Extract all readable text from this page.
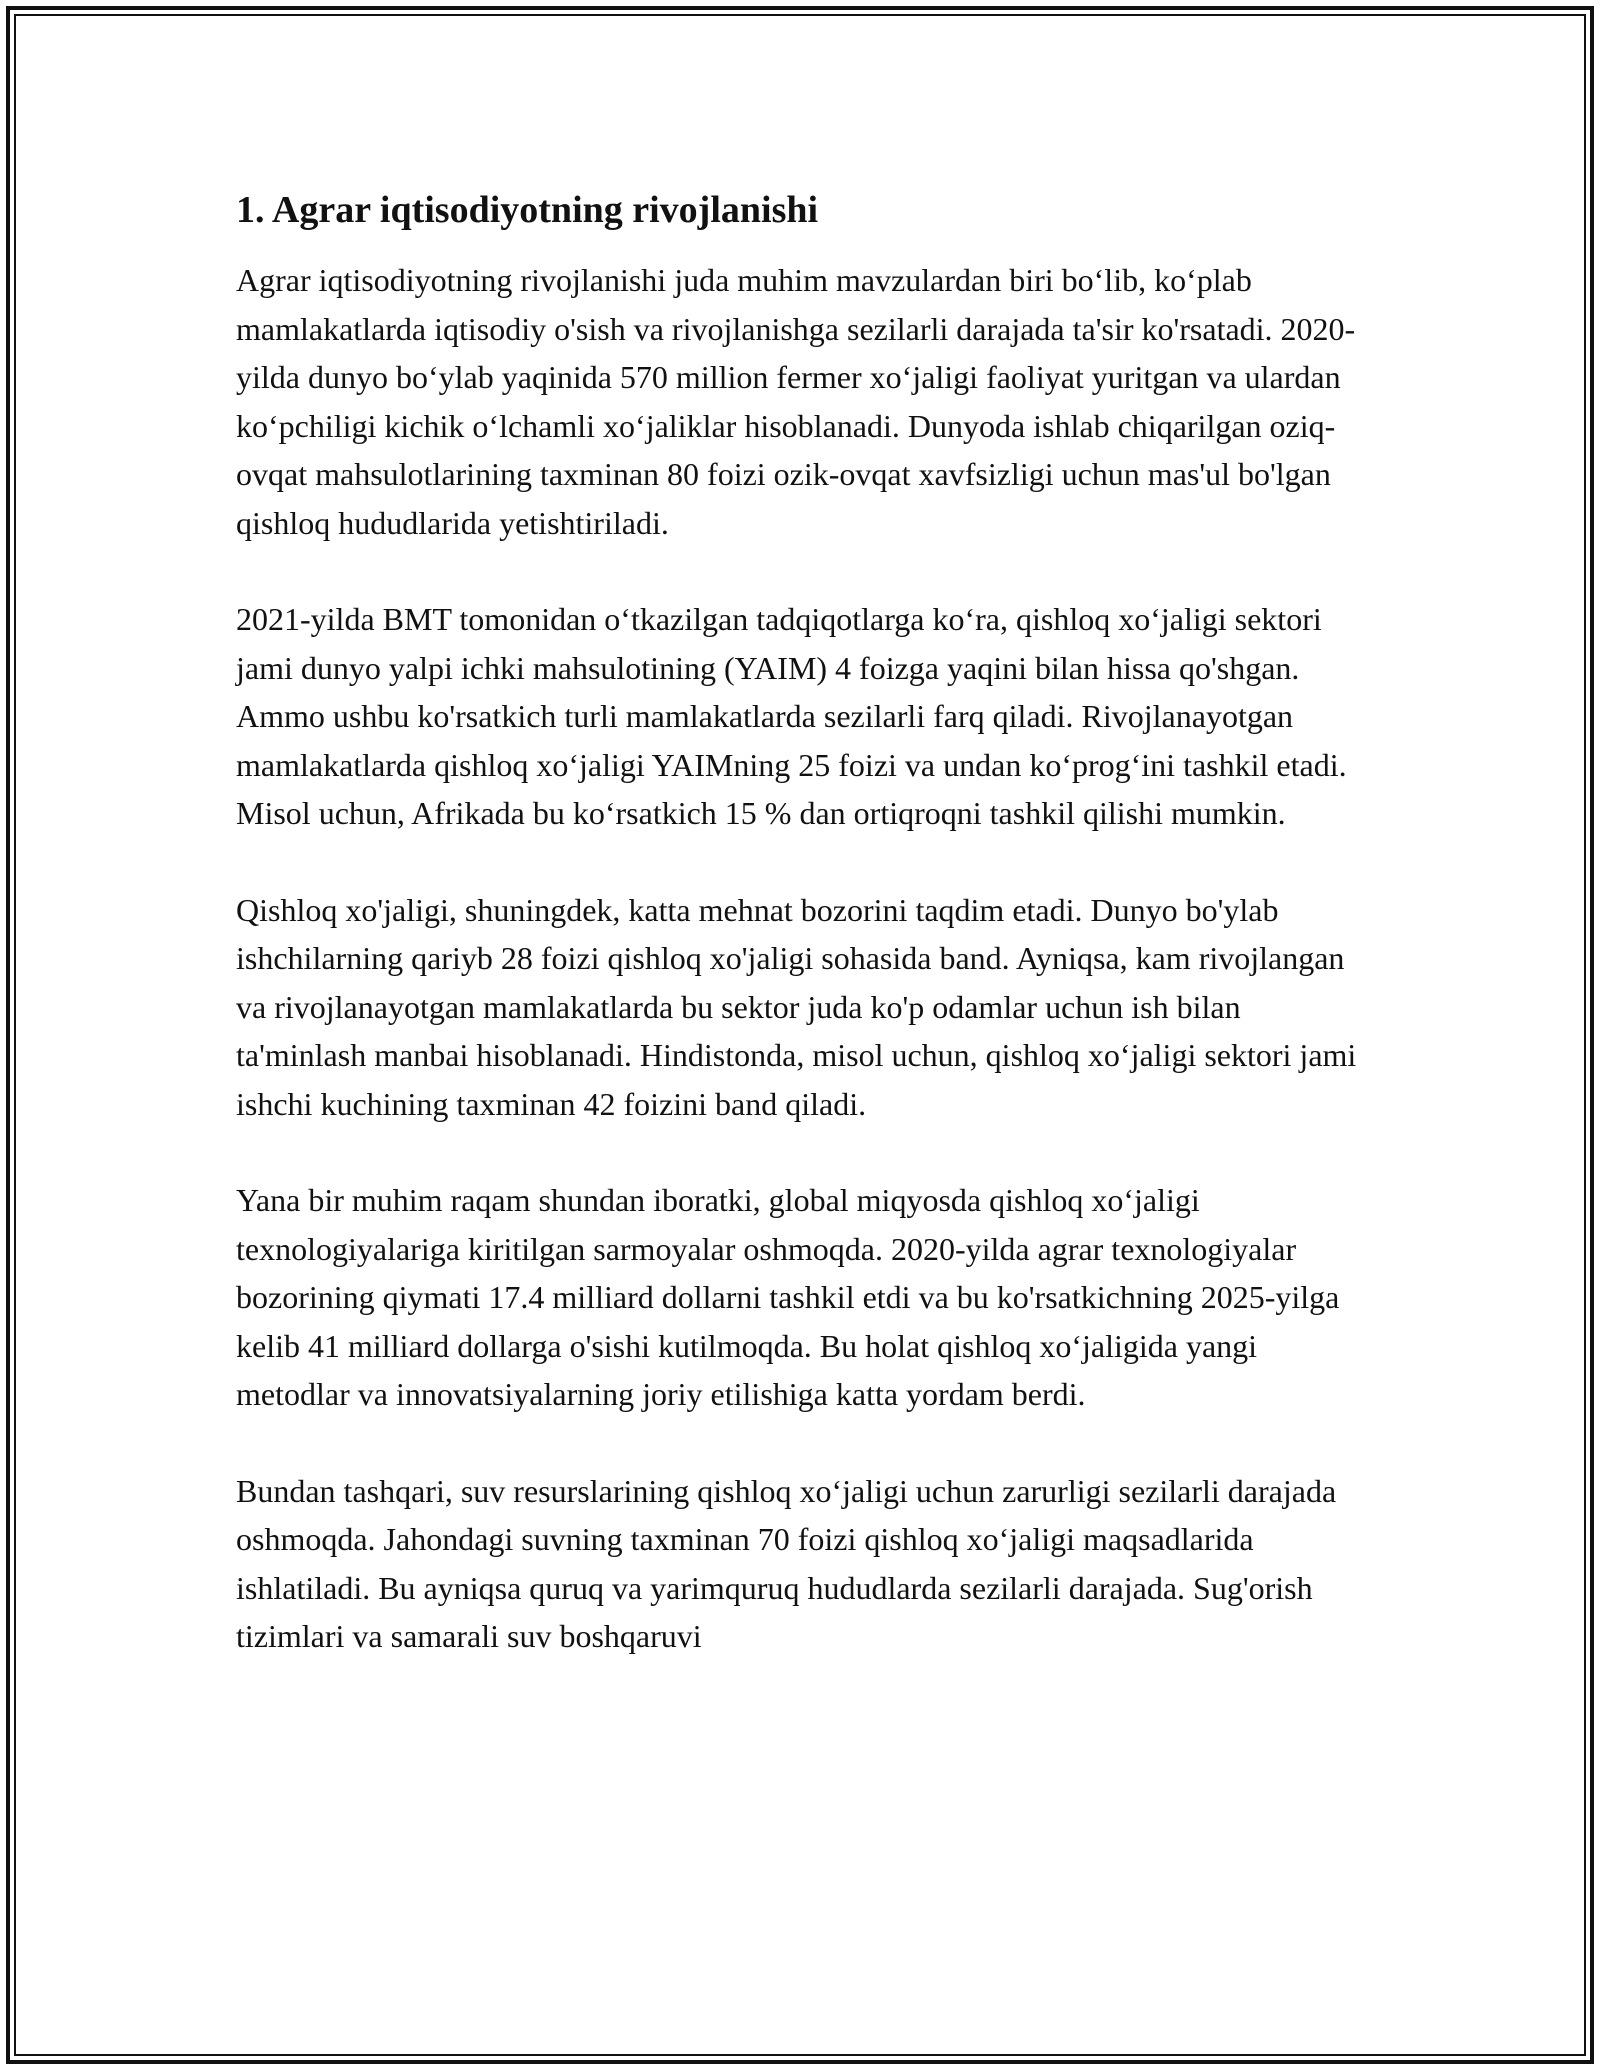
1. Agrar iqtisodiyotning rivojlanishi

Agrar iqtisodiyotning rivojlanishi juda muhim mavzulardan biri bo‘lib, ko‘plab mamlakatlarda iqtisodiy o'sish va rivojlanishga sezilarli darajada ta'sir ko'rsatadi. 2020-yilda dunyo bo‘ylab yaqinida 570 million fermer xo‘jaligi faoliyat yuritgan va ulardan ko‘pchiligi kichik o‘lchamli xo‘jaliklar hisoblanadi. Dunyoda ishlab chiqarilgan oziq-ovqat mahsulotlarining taxminan 80 foizi ozik-ovqat xavfsizligi uchun mas'ul bo'lgan qishloq hududlarida yetishtiriladi.

2021-yilda BMT tomonidan o‘tkazilgan tadqiqotlarga ko‘ra, qishloq xo‘jaligi sektori jami dunyo yalpi ichki mahsulotining (YAIM) 4 foizga yaqini bilan hissa qo'shgan. Ammo ushbu ko'rsatkich turli mamlakatlarda sezilarli farq qiladi. Rivojlanayotgan mamlakatlarda qishloq xo‘jaligi YAIMning 25 foizi va undan ko‘prog‘ini tashkil etadi. Misol uchun, Afrikada bu ko‘rsatkich 15 % dan ortiqroqni tashkil qilishi mumkin.

Qishloq xo'jaligi, shuningdek, katta mehnat bozorini taqdim etadi. Dunyo bo'ylab ishchilarning qariyb 28 foizi qishloq xo'jaligi sohasida band. Ayniqsa, kam rivojlangan va rivojlanayotgan mamlakatlarda bu sektor juda ko'p odamlar uchun ish bilan ta'minlash manbai hisoblanadi. Hindistonda, misol uchun, qishloq xo‘jaligi sektori jami ishchi kuchining taxminan 42 foizini band qiladi.

Yana bir muhim raqam shundan iboratki, global miqyosda qishloq xo‘jaligi texnologiyalariga kiritilgan sarmoyalar oshmoqda. 2020-yilda agrar texnologiyalar bozorining qiymati 17.4 milliard dollarni tashkil etdi va bu ko'rsatkichning 2025-yilga kelib 41 milliard dollarga o'sishi kutilmoqda. Bu holat qishloq xo‘jaligida yangi metodlar va innovatsiyalarning joriy etilishiga katta yordam berdi.

Bundan tashqari, suv resurslarining qishloq xo‘jaligi uchun zarurligi sezilarli darajada oshmoqda. Jahondagi suvning taxminan 70 foizi qishloq xo‘jaligi maqsadlarida ishlatiladi. Bu ayniqsa quruq va yarimquruq hududlarda sezilarli darajada. Sug'orish tizimlari va samarali suv boshqaruvi
